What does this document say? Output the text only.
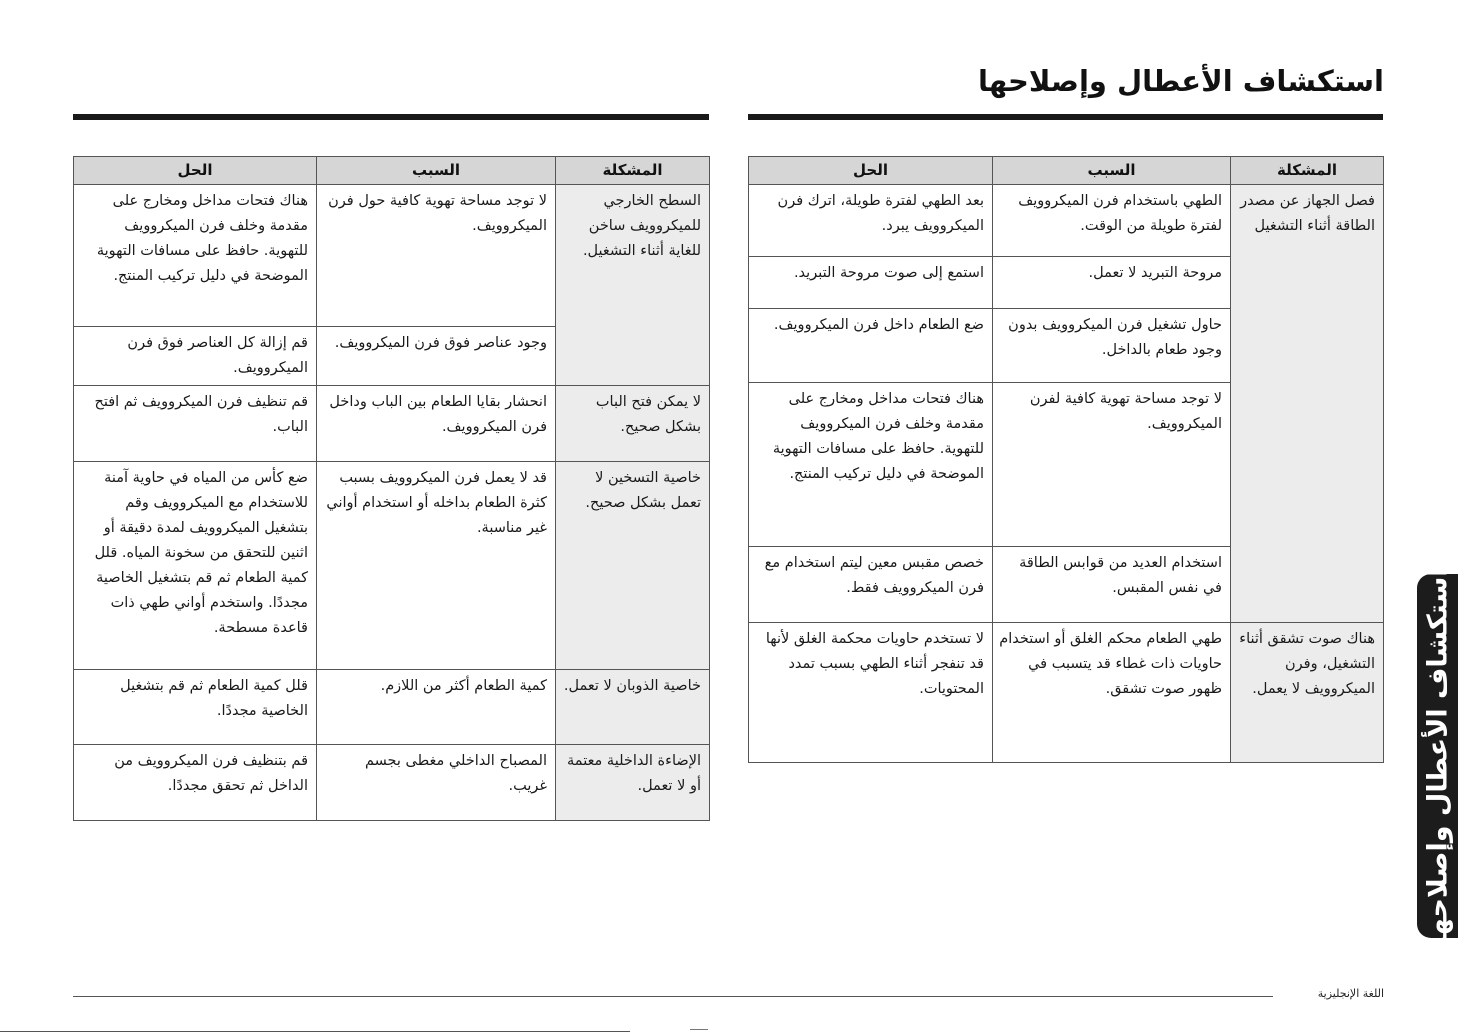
استكشاف الأعطال وإصلاحها
المشكلة	السبب	الحل
فصل الجهاز عن مصدر الطاقة أثناء التشغيل	الطهي باستخدام فرن الميكروويف لفترة طويلة من الوقت.	بعد الطهي لفترة طويلة، اترك فرن الميكروويف يبرد.
	مروحة التبريد لا تعمل.	استمع إلى صوت مروحة التبريد.
	حاول تشغيل فرن الميكروويف بدون وجود طعام بالداخل.	ضع الطعام داخل فرن الميكروويف.
	لا توجد مساحة تهوية كافية لفرن الميكروويف.	هناك فتحات مداخل ومخارج على مقدمة وخلف فرن الميكروويف للتهوية. حافظ على مسافات التهوية الموضحة في دليل تركيب المنتج.
	استخدام العديد من قوابس الطاقة في نفس المقبس.	خصص مقبس معين ليتم استخدام مع فرن الميكروويف فقط.
هناك صوت تشقق أثناء التشغيل، وفرن الميكروويف لا يعمل.	طهي الطعام محكم الغلق أو استخدام حاويات ذات غطاء قد يتسبب في ظهور صوت تشقق.	لا تستخدم حاويات محكمة الغلق لأنها قد تنفجر أثناء الطهي بسبب تمدد المحتويات.
المشكلة	السبب	الحل
السطح الخارجي للميكروويف ساخن للغاية أثناء التشغيل.	لا توجد مساحة تهوية كافية حول فرن الميكروويف.	هناك فتحات مداخل ومخارج على مقدمة وخلف فرن الميكروويف للتهوية. حافظ على مسافات التهوية الموضحة في دليل تركيب المنتج.
	وجود عناصر فوق فرن الميكروويف.	قم إزالة كل العناصر فوق فرن الميكروويف.
لا يمكن فتح الباب بشكل صحيح.	انحشار بقايا الطعام بين الباب وداخل فرن الميكروويف.	قم تنظيف فرن الميكروويف ثم افتح الباب.
خاصية التسخين لا تعمل بشكل صحيح.	قد لا يعمل فرن الميكروويف بسبب كثرة الطعام بداخله أو استخدام أواني غير مناسبة.	ضع كأس من المياه في حاوية آمنة للاستخدام مع الميكروويف وقم بتشغيل الميكروويف لمدة دقيقة أو اثنين للتحقق من سخونة المياه. قلل كمية الطعام ثم قم بتشغيل الخاصية مجددًا. واستخدم أواني طهي ذات قاعدة مسطحة.
خاصية الذوبان لا تعمل.	كمية الطعام أكثر من اللازم.	قلل كمية الطعام ثم قم بتشغيل الخاصية مجددًا.
الإضاءة الداخلية معتمة أو لا تعمل.	المصباح الداخلي مغطى بجسم غريب.	قم بتنظيف فرن الميكروويف من الداخل ثم تحقق مجددًا.	استكشاف الأعطال وإصلاحها
اللغة الإنجليزية
